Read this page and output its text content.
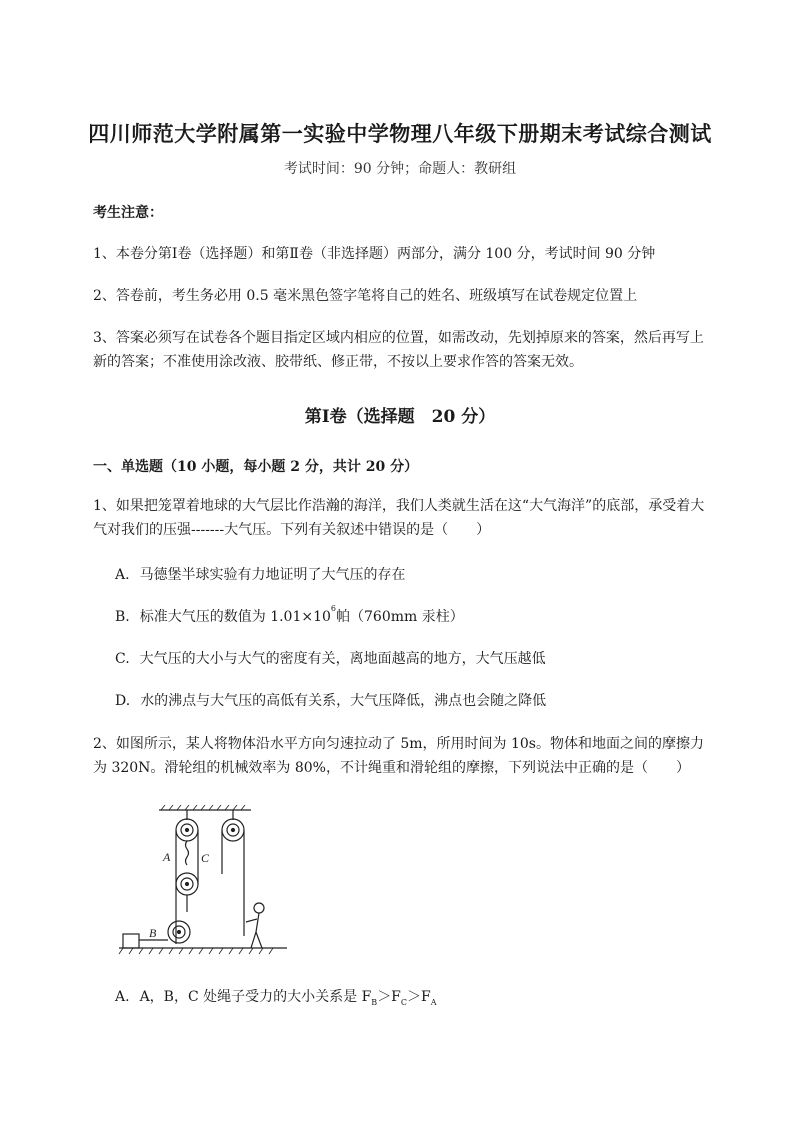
四川师范大学附属第一实验中学物理八年级下册期末考试综合测试
考试时间：90 分钟；命题人：教研组
考生注意：
1、本卷分第Ⅰ卷（选择题）和第Ⅱ卷（非选择题）两部分，满分 100 分，考试时间 90 分钟
2、答卷前，考生务必用 0.5 毫米黑色签字笔将自己的姓名、班级填写在试卷规定位置上
3、答案必须写在试卷各个题目指定区域内相应的位置，如需改动，先划掉原来的答案，然后再写上新的答案；不准使用涂改液、胶带纸、修正带，不按以上要求作答的答案无效。
第Ⅰ卷（选择题　20 分）
一、单选题（10 小题，每小题 2 分，共计 20 分）
1、如果把笼罩着地球的大气层比作浩瀚的海洋，我们人类就生活在这“大气海洋”的底部，承受着大气对我们的压强-------大气压。下列有关叙述中错误的是（　　）
A. 马德堡半球实验有力地证明了大气压的存在
B. 标准大气压的数值为 $1.01\times 10^6$帕（760mm 汞柱）
C. 大气压的大小与大气的密度有关，离地面越高的地方，大气压越低
D. 水的沸点与大气压的高低有关系，大气压降低，沸点也会随之降低
2、如图所示，某人将物体沿水平方向匀速拉动了 5m，所用时间为 10s。物体和地面之间的摩擦力为 320N。滑轮组的机械效率为 80%，不计绳重和滑轮组的摩擦，下列说法中正确的是（　　）
A	C
B
A. A，B，C 处绳子受力的大小关系是 $F_B>F_C>F_A$
